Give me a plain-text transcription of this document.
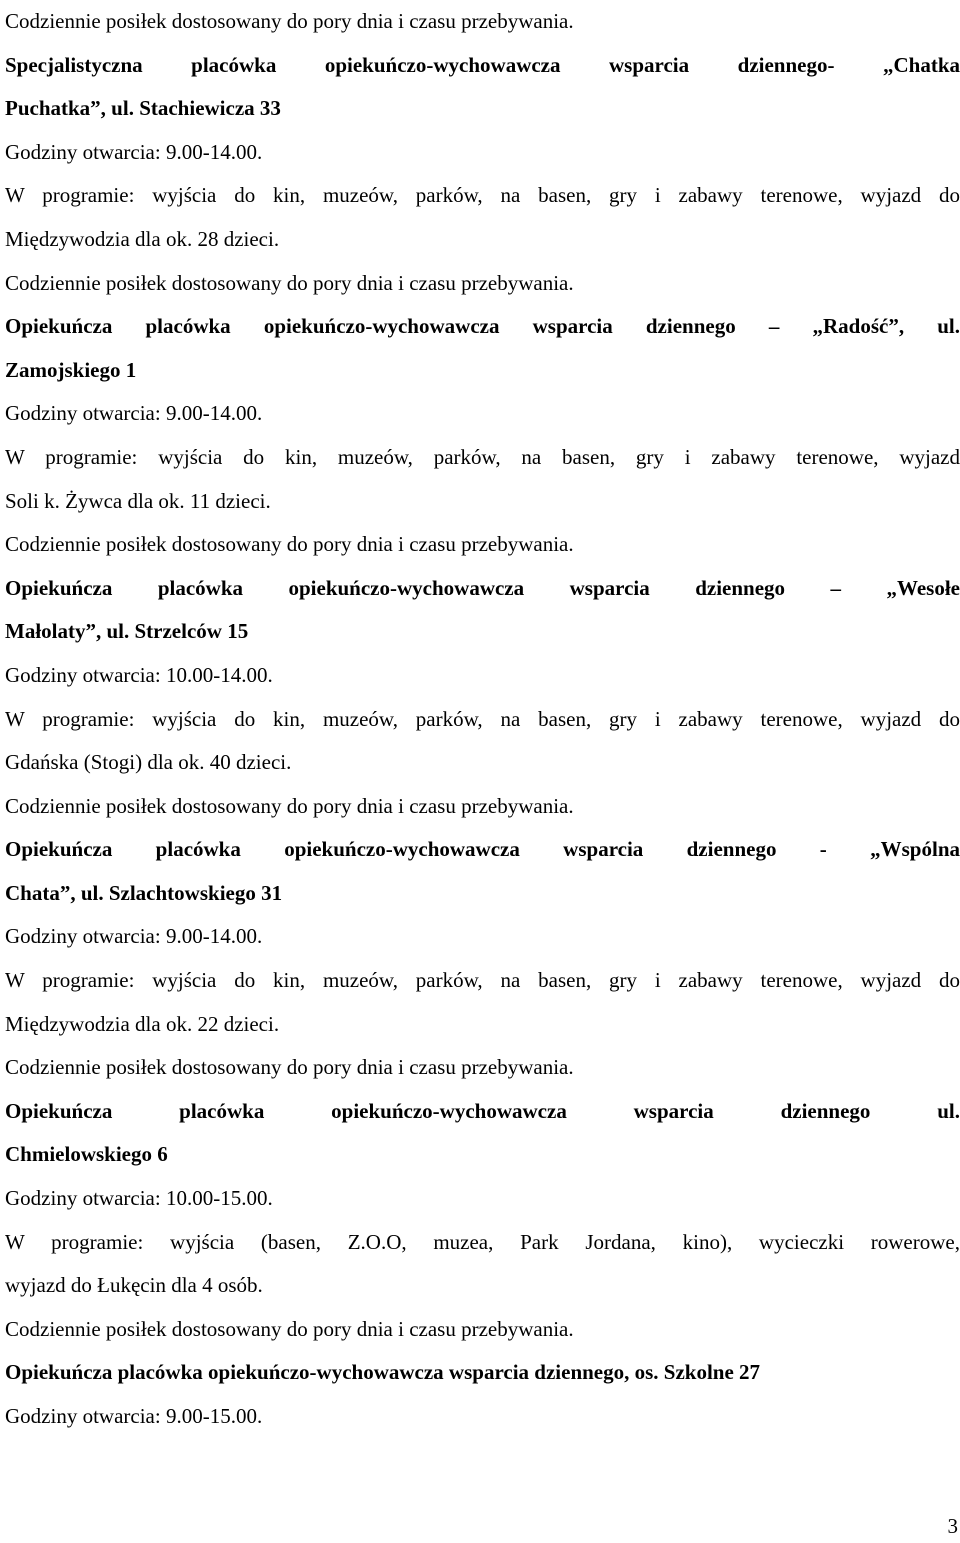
Codziennie posiłek dostosowany do pory dnia i czasu przebywania.
Specjalistyczna placówka opiekuńczo-wychowawcza wsparcia dziennego- „Chatka
Puchatka”, ul. Stachiewicza 33
Godziny otwarcia: 9.00-14.00.
W programie: wyjścia do kin, muzeów, parków, na basen, gry i zabawy terenowe, wyjazd do
Międzywodzia dla ok. 28 dzieci.
Codziennie posiłek dostosowany do pory dnia i czasu przebywania.
Opiekuńcza placówka opiekuńczo-wychowawcza wsparcia dziennego – „Radość”, ul.
Zamojskiego 1
Godziny otwarcia: 9.00-14.00.
W programie: wyjścia do kin, muzeów, parków, na basen, gry i zabawy terenowe, wyjazd
Soli k. Żywca dla ok. 11 dzieci.
Codziennie posiłek dostosowany do pory dnia i czasu przebywania.
Opiekuńcza placówka opiekuńczo-wychowawcza wsparcia dziennego – „Wesołe
Małolaty”, ul. Strzelców 15
Godziny otwarcia: 10.00-14.00.
W programie: wyjścia do kin, muzeów, parków, na basen, gry i zabawy terenowe, wyjazd do
Gdańska (Stogi) dla ok. 40 dzieci.
Codziennie posiłek dostosowany do pory dnia i czasu przebywania.
Opiekuńcza placówka opiekuńczo-wychowawcza wsparcia dziennego - „Wspólna
Chata”, ul. Szlachtowskiego 31
Godziny otwarcia: 9.00-14.00.
W programie: wyjścia do kin, muzeów, parków, na basen, gry i zabawy terenowe, wyjazd do
Międzywodzia dla ok. 22 dzieci.
Codziennie posiłek dostosowany do pory dnia i czasu przebywania.
Opiekuńcza placówka opiekuńczo-wychowawcza wsparcia dziennego ul.
Chmielowskiego 6
Godziny otwarcia: 10.00-15.00.
W programie: wyjścia (basen, Z.O.O, muzea, Park Jordana, kino), wycieczki rowerowe,
wyjazd do Łukęcin dla 4 osób.
Codziennie posiłek dostosowany do pory dnia i czasu przebywania.
Opiekuńcza placówka opiekuńczo-wychowawcza wsparcia dziennego, os. Szkolne 27
Godziny otwarcia: 9.00-15.00.
3
